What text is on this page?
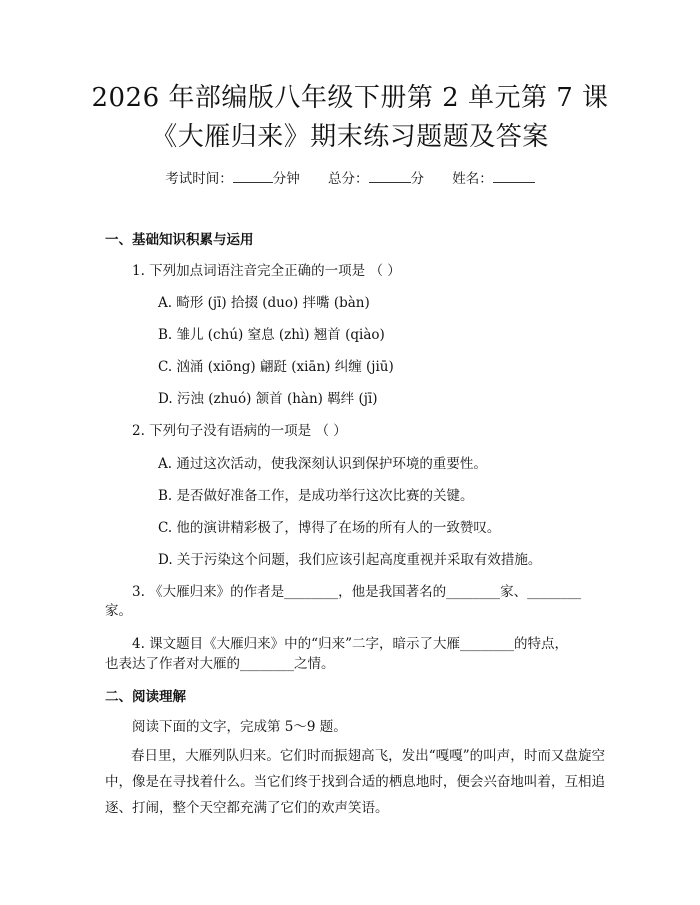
2026 年部编版八年级下册第 2 单元第 7 课
《大雁归来》期末练习题题及答案
考试时间：	分钟 总分：	分 姓名：
一、基础知识积累与运用
1. 下列加点词语注音完全正确的一项是 （ ）
A. 畸形 (jī) 拾掇 (duo) 拌嘴 (bàn)
B. 雏儿 (chú) 窒息 (zhì) 翘首 (qiào)
C. 汹涌 (xiōng) 翩跹 (xiān) 纠缠 (jiū)
D. 污浊 (zhuó) 颔首 (hàn) 羁绊 (jī)
2. 下列句子没有语病的一项是 （ ）
A. 通过这次活动，使我深刻认识到保护环境的重要性。
B. 是否做好准备工作，是成功举行这次比赛的关键。
C. 他的演讲精彩极了，博得了在场的所有人的一致赞叹。
D. 关于污染这个问题，我们应该引起高度重视并采取有效措施。
3. 《大雁归来》的作者是________，他是我国著名的________家、________
家。
4. 课文题目《大雁归来》中的“归来”二字，暗示了大雁________的特点，
也表达了作者对大雁的________之情。
二、阅读理解
阅读下面的文字，完成第 5～9 题。
春日里，大雁列队归来。它们时而振翅高飞，发出“嘎嘎”的叫声，时而又盘旋空中，像是在寻找着什么。当它们终于找到合适的栖息地时，便会兴奋地叫着，互相追逐、打闹，整个天空都充满了它们的欢声笑语。
